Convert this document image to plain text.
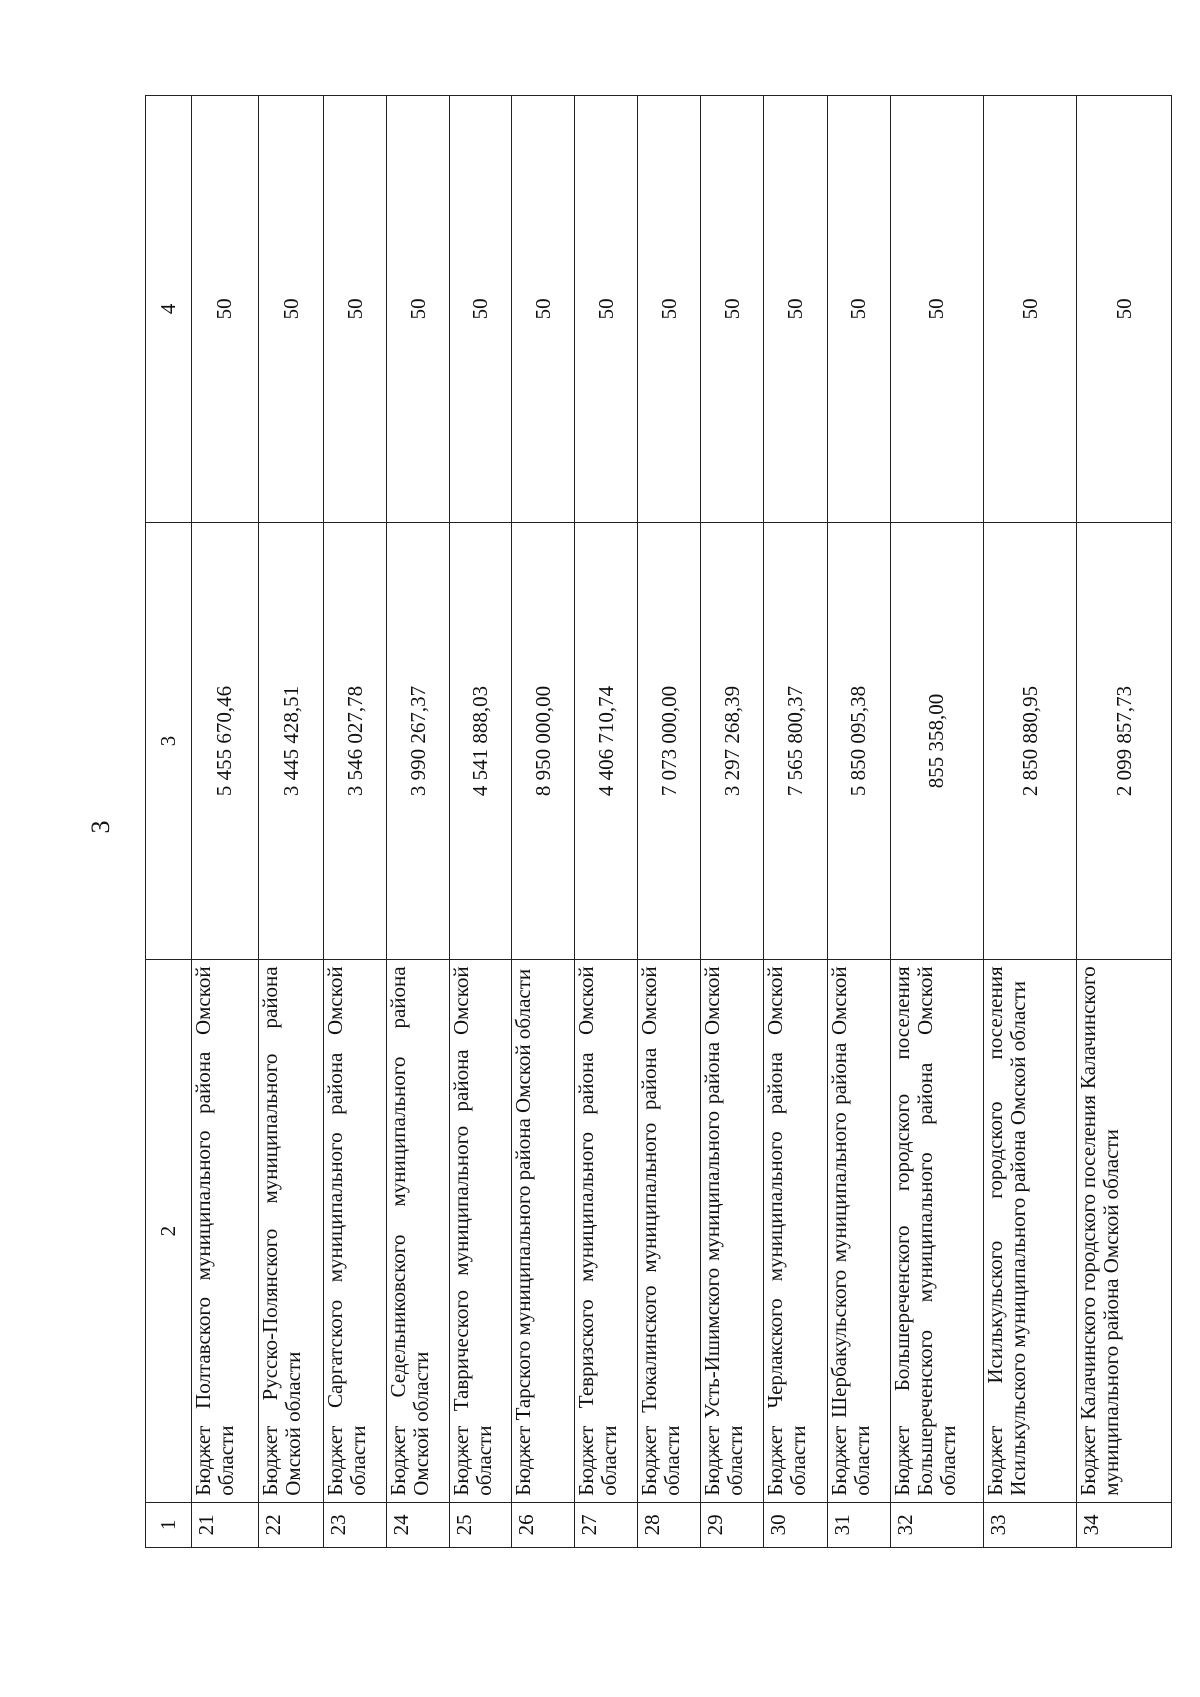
3
1	2	3	4
21	Бюджет Полтавского муниципального района Омской области	5 455 670,46	50
22	Бюджет Русско-Полянского муниципального района Омской области	3 445 428,51	50
23	Бюджет Саргатского муниципального района Омской области	3 546 027,78	50
24	Бюджет Седельниковского муниципального района Омской области	3 990 267,37	50
25	Бюджет Таврического муниципального района Омской области	4 541 888,03	50
26	Бюджет Тарского муниципального района Омской области	8 950 000,00	50
27	Бюджет Тевризского муниципального района Омской области	4 406 710,74	50
28	Бюджет Тюкалинского муниципального района Омской области	7 073 000,00	50
29	Бюджет Усть-Ишимского муниципального района Омской области	3 297 268,39	50
30	Бюджет Черлакского муниципального района Омской области	7 565 800,37	50
31	Бюджет Шербакульского муниципального района Омской области	5 850 095,38	50
32	Бюджет Большереченского городского поселения Большереченского муниципального района Омской области	855 358,00	50
33	Бюджет Исилькульского городского поселения Исилькульского муниципального района Омской области	2 850 880,95	50
34	Бюджет Калачинского городского поселения Калачинского муниципального района Омской области	2 099 857,73	50
